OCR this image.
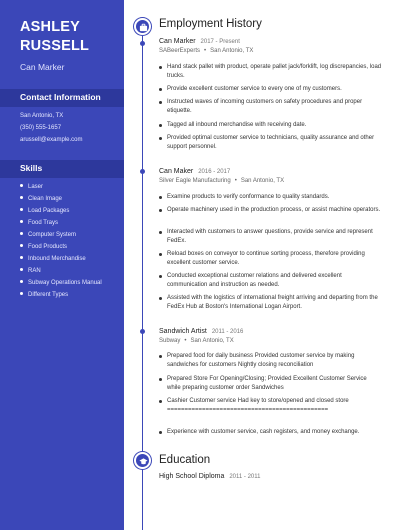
ASHLEY
RUSSELL
Can Marker
Contact Information
San Antonio, TX
(350) 555-1657
arussell@example.com
Skills
Laser
Clean Image
Load Packages
Food Trays
Computer System
Food Products
Inbound Merchandise
RAN
Subway Operations Manual
Different Types
Employment History
Can Marker 2017 - Present
SABeerExperts • San Antonio, TX
Hand stack pallet with product, operate pallet jack/forklift, log discrepancies, load trucks.
Provide excellent customer service to every one of my customers.
Instructed waves of incoming customers on safety procedures and proper etiquette.
Tagged all inbound merchandise with receiving date.
Provided optimal customer service to technicians, quality assurance and other support personnel.
Can Maker 2016 - 2017
Silver Eagle Manufacturing • San Antonio, TX
Examine products to verify conformance to quality standards.
Operate machinery used in the production process, or assist machine operators.
Interacted with customers to answer questions, provide service and represent FedEx.
Reload boxes on conveyor to continue sorting process, therefore providing excellent customer service.
Conducted exceptional customer relations and delivered excellent communication and instruction as needed.
Assisted with the logistics of international freight arriving and departing from the FedEx Hub at Boston's International Logan Airport.
Sandwich Artist 2011 - 2016
Subway • San Antonio, TX
Prepared food for daily business Provided customer service by making sandwiches for customers Nightly closing reconciliation
Prepared Store For Opening/Closing; Provided Excellent Customer Service while preparing customer order Sandwiches
Cashier Customer service Had key to store/opened and closed store ==============================================
Experience with customer service, cash registers, and money exchange.
Education
High School Diploma 2011 - 2011
